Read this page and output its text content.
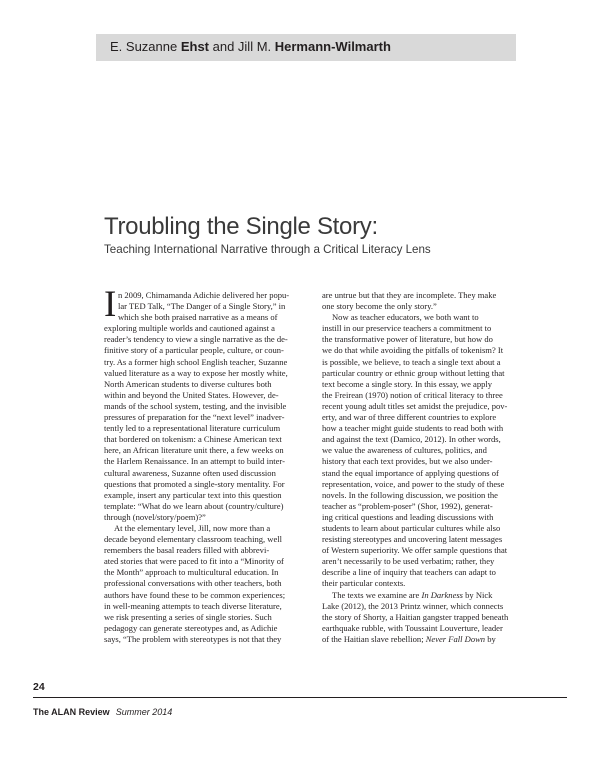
E. Suzanne Ehst and Jill M. Hermann-Wilmarth
Troubling the Single Story:
Teaching International Narrative through a Critical Literacy Lens
I n 2009, Chimamanda Adichie delivered her popu-
lar TED Talk, “The Danger of a Single Story,” in
which she both praised narrative as a means of
exploring multiple worlds and cautioned against a
reader’s tendency to view a single narrative as the de-
finitive story of a particular people, culture, or coun-
try. As a former high school English teacher, Suzanne
valued literature as a way to expose her mostly white,
North American students to diverse cultures both
within and beyond the United States. However, de-
mands of the school system, testing, and the invisible
pressures of preparation for the “next level” inadver-
tently led to a representational literature curriculum
that bordered on tokenism: a Chinese American text
here, an African literature unit there, a few weeks on
the Harlem Renaissance. In an attempt to build inter-
cultural awareness, Suzanne often used discussion
questions that promoted a single-story mentality. For
example, insert any particular text into this question
template: “What do we learn about (country/culture)
through (novel/story/poem)?”
At the elementary level, Jill, now more than a
decade beyond elementary classroom teaching, well
remembers the basal readers filled with abbrevi-
ated stories that were paced to fit into a “Minority of
the Month” approach to multicultural education. In
professional conversations with other teachers, both
authors have found these to be common experiences;
in well-meaning attempts to teach diverse literature,
we risk presenting a series of single stories. Such
pedagogy can generate stereotypes and, as Adichie
says, “The problem with stereotypes is not that they
are untrue but that they are incomplete. They make
one story become the only story.”
Now as teacher educators, we both want to
instill in our preservice teachers a commitment to
the transformative power of literature, but how do
we do that while avoiding the pitfalls of tokenism? It
is possible, we believe, to teach a single text about a
particular country or ethnic group without letting that
text become a single story. In this essay, we apply
the Freirean (1970) notion of critical literacy to three
recent young adult titles set amidst the prejudice, pov-
erty, and war of three different countries to explore
how a teacher might guide students to read both with
and against the text (Damico, 2012). In other words,
we value the awareness of cultures, politics, and
history that each text provides, but we also under-
stand the equal importance of applying questions of
representation, voice, and power to the study of these
novels. In the following discussion, we position the
teacher as “problem-poser” (Shor, 1992), generat-
ing critical questions and leading discussions with
students to learn about particular cultures while also
resisting stereotypes and uncovering latent messages
of Western superiority. We offer sample questions that
aren’t necessarily to be used verbatim; rather, they
describe a line of inquiry that teachers can adapt to
their particular contexts.
The texts we examine are In Darkness by Nick
Lake (2012), the 2013 Printz winner, which connects
the story of Shorty, a Haitian gangster trapped beneath
earthquake rubble, with Toussaint Louverture, leader
of the Haitian slave rebellion; Never Fall Down by
24
The ALAN Review Summer 2014
